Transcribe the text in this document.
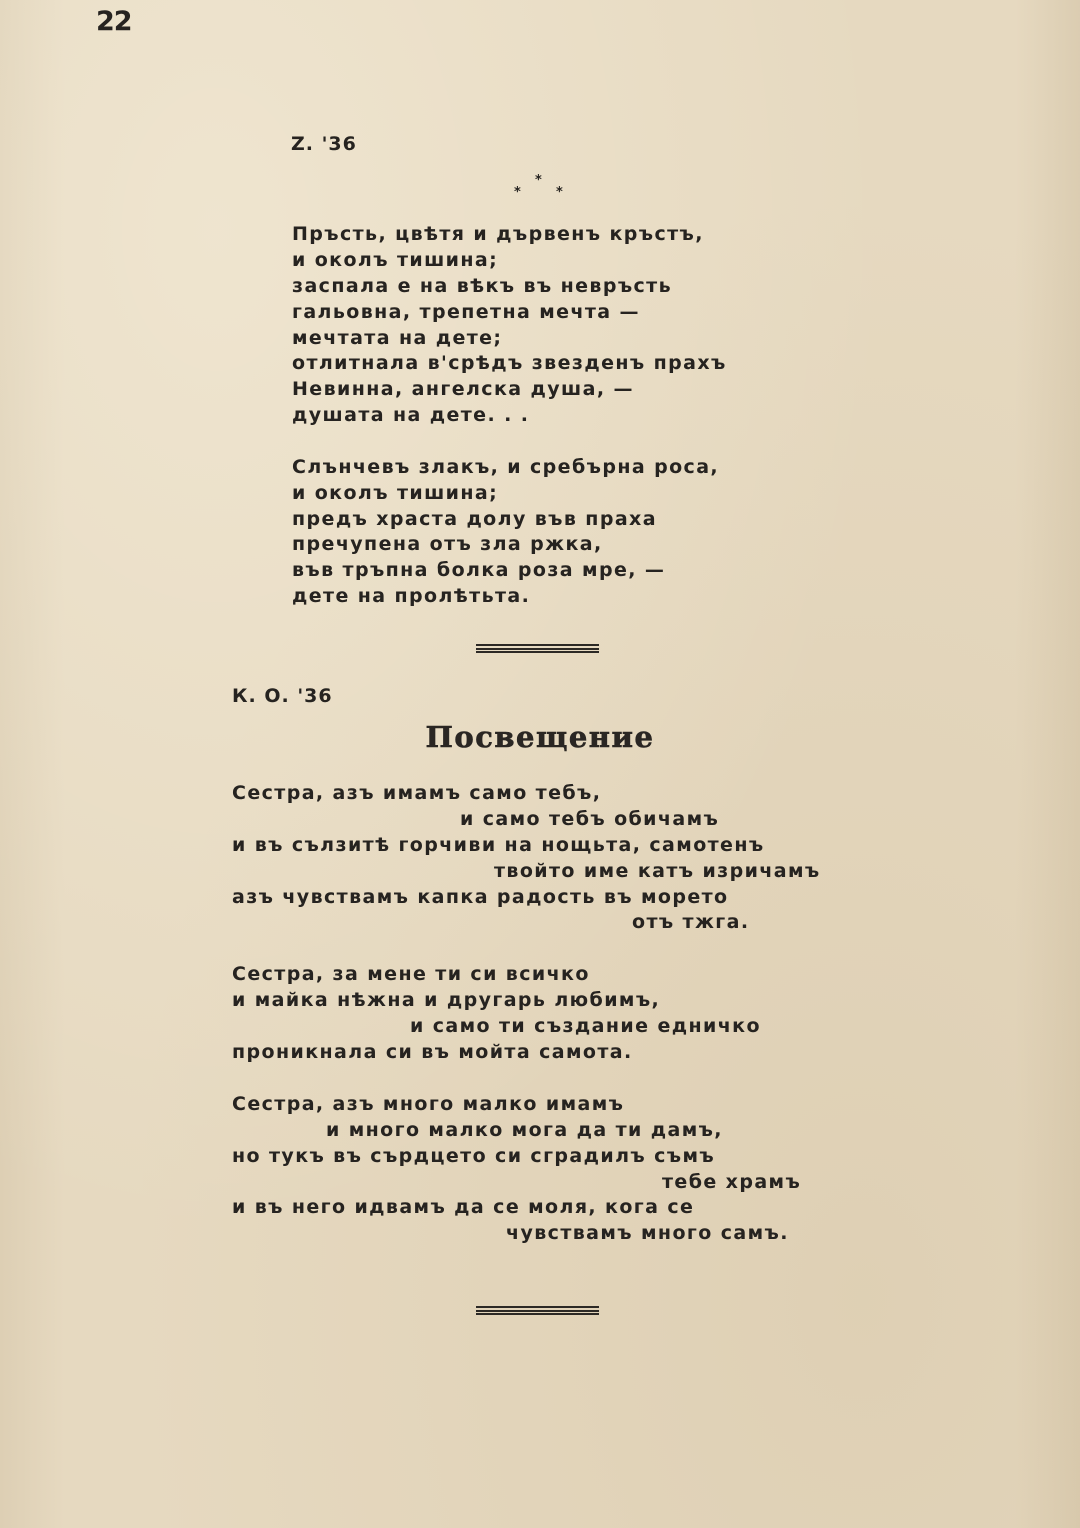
22
Z. '36
*
*	*
Пръсть, цвѣтя и дървенъ кръстъ,
и околъ тишина;
заспала е на вѣкъ въ невръсть
гальовна, трепетна мечта —
мечтата на дете;
отлитнала в'срѣдъ звезденъ прахъ
Невинна, ангелска душа, —
душата на дете. . .
Слънчевъ злакъ, и сребърна роса,
и околъ тишина;
предъ храста долу във праха
пречупена отъ зла ржка,
във тръпна болка роза мре, —
дете на пролѣтьта.
К. О. '36
Посвещение
Сестра, азъ имамъ само тебъ,
и само тебъ обичамъ
и въ сълзитѣ горчиви на нощьта, самотенъ
твойто име катъ изричамъ
азъ чувствамъ капка радость въ морето
отъ тжга.
Сестра, за мене ти си всичко
и майка нѣжна и другарь любимъ,
и само ти създание едничко
проникнала си въ мойта самота.
Сестра, азъ много малко имамъ
и много малко мога да ти дамъ,
но тукъ въ сърдцето си сградилъ съмъ
тебе храмъ
и въ него идвамъ да се моля, кога се
чувствамъ много самъ.
